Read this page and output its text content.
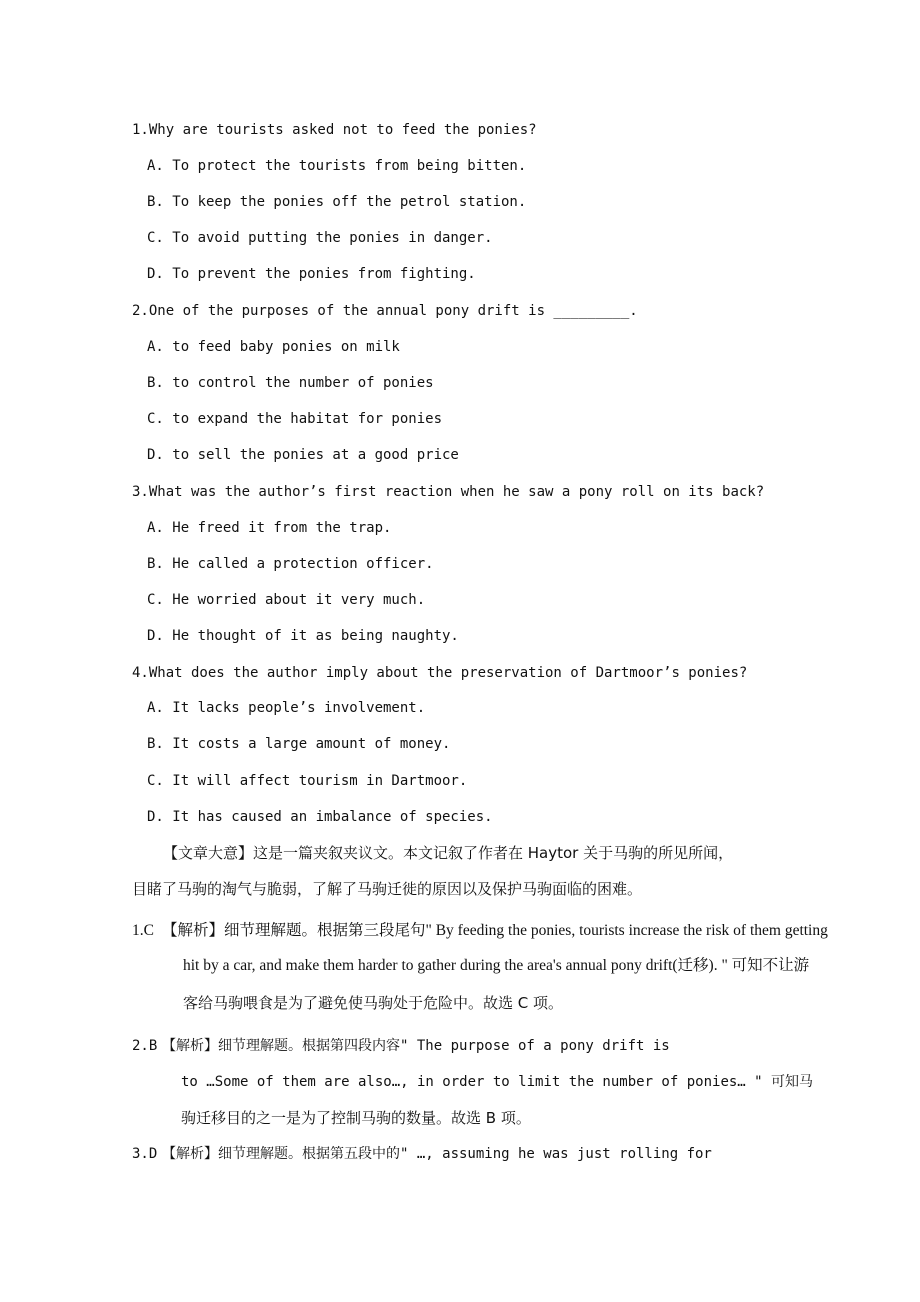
1.Why are tourists asked not to feed the ponies?
A. To protect the tourists from being bitten.
B. To keep the ponies off the petrol station.
C. To avoid putting the ponies in danger.
D. To prevent the ponies from fighting.
2.One of the purposes of the annual pony drift is _________.
A. to feed baby ponies on milk
B. to control the number of ponies
C. to expand the habitat for ponies
D. to sell the ponies at a good price
3.What was the author’s first reaction when he saw a pony roll on its back?
A. He freed it from the trap.
B. He called a protection officer.
C. He worried about it very much.
D. He thought of it as being naughty.
4.What does the author imply about the preservation of Dartmoor’s ponies?
A. It lacks people’s involvement.
B. It costs a large amount of money.
C. It will affect tourism in Dartmoor.
D. It has caused an imbalance of species.
【文章大意】这是一篇夹叙夹议文。本文记叙了作者在 Haytor 关于马驹的所见所闻，
目睹了马驹的淘气与脆弱，了解了马驹迁徙的原因以及保护马驹面临的困难。
1.C 【解析】细节理解题。根据第三段尾句" By feeding the ponies, tourists increase the risk of them getting
hit by a car, and make them harder to gather during the area's annual pony drift(迁移). " 可知不让游
客给马驹喂食是为了避免使马驹处于危险中。故选 C 项。
2.B 【解析】细节理解题。根据第四段内容" The purpose of a pony drift is
to …Some of them are also…, in order to limit the number of ponies… " 可知马
驹迁移目的之一是为了控制马驹的数量。故选 B 项。
3.D 【解析】细节理解题。根据第五段中的" …, assuming he was just rolling for
